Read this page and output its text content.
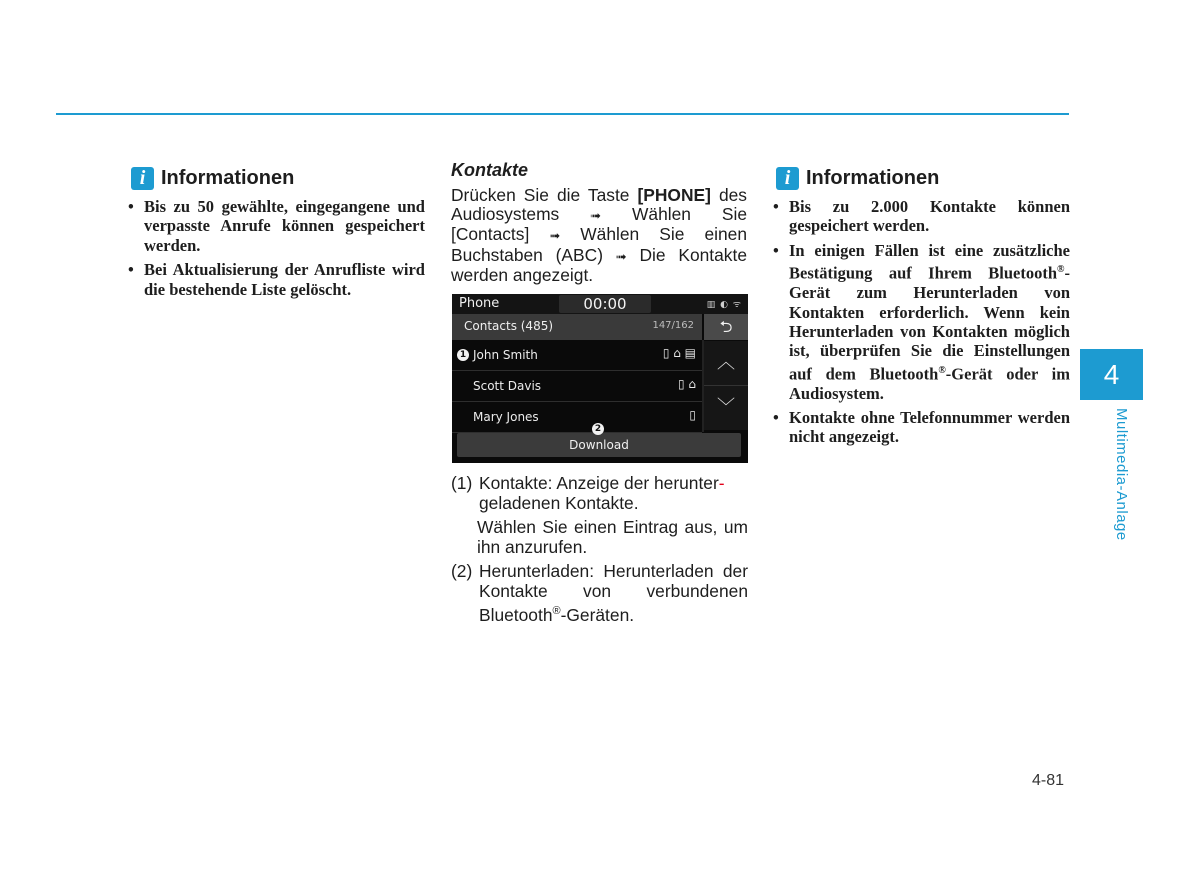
i Informationen
• Bis zu 50 gewählte, eingegangene und verpasste Anrufe können gespeichert werden.
• Bei Aktualisierung der Anrufliste wird die bestehende Liste gelöscht.
Kontakte
Drücken Sie die Taste [PHONE] des Audiosystems ➟ Wählen Sie [Contacts] ➟ Wählen Sie einen Buchstaben (ABC) ➟ Die Kontakte werden angezeigt.
Phone	00:00	▥ ◐ ᯤ
Contacts (485)	147/162	⮌
John Smith	▯ ⌂ ▤
Scott Davis	▯ ⌂
Mary Jones	▯
︿
﹀
Download
1
2
(1) Kontakte: Anzeige der herunter-
geladenen Kontakte.
Wählen Sie einen Eintrag aus, um ihn anzurufen.
(2) Herunterladen: Herunterladen der Kontakte von verbundenen Bluetooth®-Geräten.
i Informationen
• Bis zu 2.000 Kontakte können gespeichert werden.
• In einigen Fällen ist eine zusätzliche Bestätigung auf Ihrem Bluetooth®-Gerät zum Herunterladen von Kontakten erforderlich. Wenn kein Herunterladen von Kontakten möglich ist, überprüfen Sie die Einstellungen auf dem Bluetooth®-Gerät oder im Audiosystem.
• Kontakte ohne Telefonnummer werden nicht angezeigt.
4
Multimedia-Anlage
4-81
